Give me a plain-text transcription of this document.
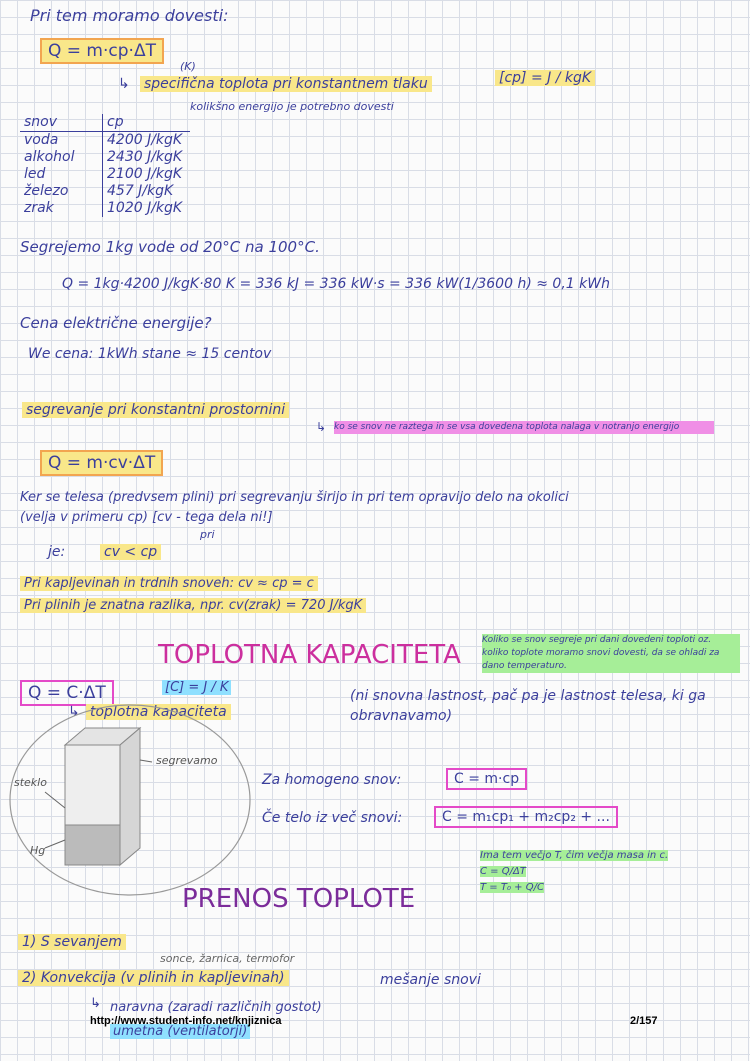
Pri tem moramo dovesti:
Q = m·cp·ΔT
(K)
↳ specifična toplota pri konstantnem tlaku
kolikšno energijo je potrebno dovesti
[cp] = J / kgK
snov	cp
voda	4200 J/kgK
alkohol	2430 J/kgK
led	2100 J/kgK
železo	457 J/kgK
zrak	1020 J/kgK
Segrejemo 1kg vode od 20°C na 100°C.
Q = 1kg·4200 J/kgK·80 K = 336 kJ = 336 kW·s = 336 kW(1/3600 h) ≈ 0,1 kWh
Cena električne energije?
We cena: 1kWh stane ≈ 15 centov
segrevanje pri konstantni prostornini
↳ ko se snov ne raztega in se vsa dovedena toplota nalaga v notranjo energijo
Q = m·cv·ΔT
Ker se telesa (predvsem plini) pri segrevanju širijo in pri tem opravijo delo na okolici
(velja v primeru cp) [cv - tega dela ni!]
pri
je:	cv < cp
Pri kapljevinah in trdnih snoveh: cv ≈ cp = c
Pri plinih je znatna razlika, npr. cv(zrak) = 720 J/kgK
TOPLOTNA KAPACITETA Koliko se snov segreje pri dani dovedeni toploti oz. koliko toplote moramo snovi dovesti, da se ohladi za dano temperaturo.
Q = C·ΔT	[C] = J / K
↳ toplotna kapaciteta
(ni snovna lastnost, pač pa je lastnost telesa, ki ga obravnavamo)
segrevamo
steklo
Hg
Za homogeno snov:	C = m·cp
Če telo iz več snovi:	C = m₁cp₁ + m₂cp₂ + ...
Ima tem večjo T, čim večja masa in c.
C = Q/ΔT
T = T₀ + Q/C
PRENOS TOPLOTE
1) S sevanjem
sonce, žarnica, termofor
2) Konvekcija (v plinih in kapljevinah)	mešanje snovi
↳ naravna (zaradi različnih gostot)
umetna (ventilatorji)
http://www.student-info.net/knjiznica	2/157
